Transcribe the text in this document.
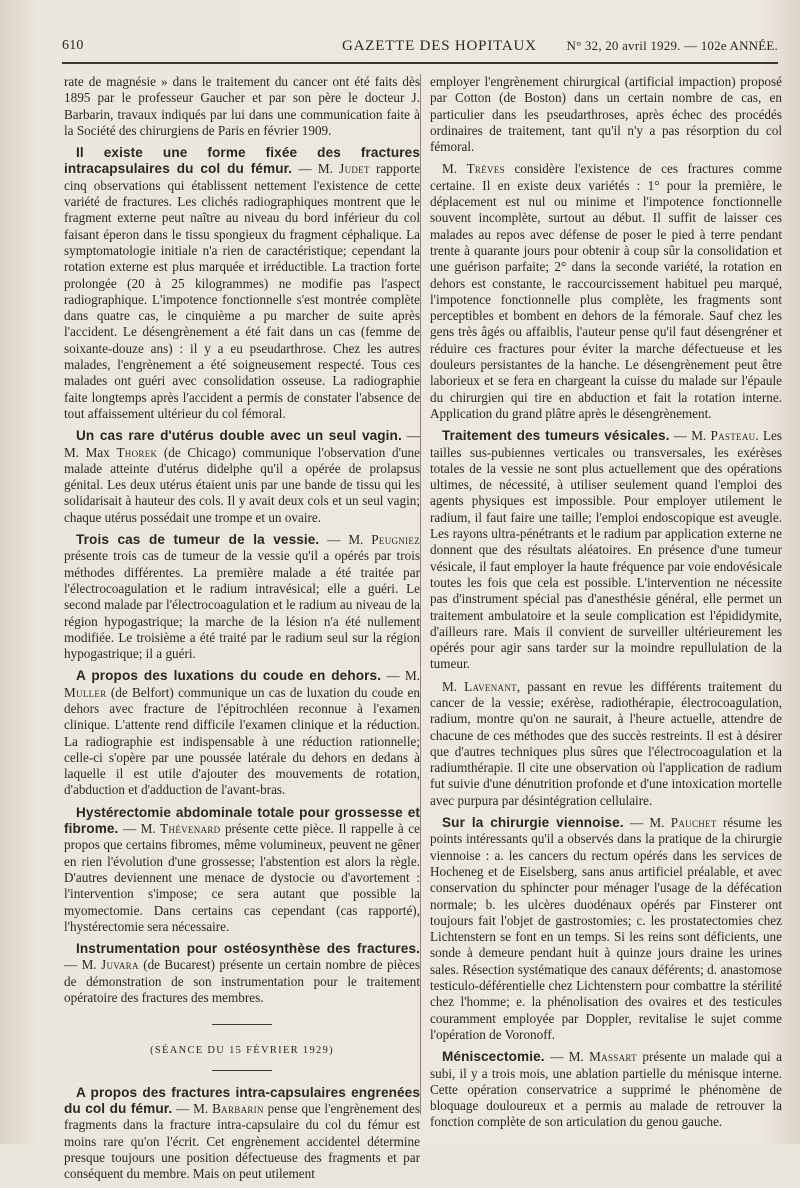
610	GAZETTE DES HOPITAUX N° 32, 20 avril 1929. — 102e ANNÉE.

rate de magnésie » dans le traitement du cancer ont été faits dès 1895 par le professeur Gaucher et par son père le docteur J. Barbarin, travaux indiqués par lui dans une communication faite à la Société des chirurgiens de Paris en février 1909.

Il existe une forme fixée des fractures intracapsulaires du col du fémur. — M. Judet rapporte cinq observations qui établissent nettement l'existence de cette variété de fractures. Les clichés radiographiques montrent que le fragment externe peut naître au niveau du bord inférieur du col faisant éperon dans le tissu spongieux du fragment céphalique. La symptomatologie initiale n'a rien de caractéristique; cependant la rotation externe est plus marquée et irréductible. La traction forte prolongée (20 à 25 kilogrammes) ne modifie pas l'aspect radiographique. L'impotence fonctionnelle s'est montrée complète dans quatre cas, le cinquième a pu marcher de suite après l'accident. Le désengrènement a été fait dans un cas (femme de soixante-douze ans) : il y a eu pseudarthrose. Chez les autres malades, l'engrènement a été soigneusement respecté. Tous ces malades ont guéri avec consolidation osseuse. La radiographie faite longtemps après l'accident a permis de constater l'absence de tout affaissement ultérieur du col fémoral.

Un cas rare d'utérus double avec un seul vagin. — M. Max Thorek (de Chicago) communique l'observation d'une malade atteinte d'utérus didelphe qu'il a opérée de prolapsus génital. Les deux utérus étaient unis par une bande de tissu qui les solidarisait à hauteur des cols. Il y avait deux cols et un seul vagin; chaque utérus possédait une trompe et un ovaire.

Trois cas de tumeur de la vessie. — M. Peugniez présente trois cas de tumeur de la vessie qu'il a opérés par trois méthodes différentes. La première malade a été traitée par l'électrocoagulation et le radium intravésical; elle a guéri. Le second malade par l'électrocoagulation et le radium au niveau de la région hypogastrique; la marche de la lésion n'a été nullement modifiée. Le troisième a été traité par le radium seul sur la région hypogastrique; il a guéri.

A propos des luxations du coude en dehors. — M. Muller (de Belfort) communique un cas de luxation du coude en dehors avec fracture de l'épitrochléen reconnue à l'examen clinique. L'attente rend difficile l'examen clinique et la réduction. La radiographie est indispensable à une réduction rationnelle; celle-ci s'opère par une poussée latérale du dehors en dedans à laquelle il est utile d'ajouter des mouvements de rotation, d'abduction et d'adduction de l'avant-bras.

Hystérectomie abdominale totale pour grossesse et fibrome. — M. Thévenard présente cette pièce. Il rappelle à ce propos que certains fibromes, même volumineux, peuvent ne gêner en rien l'évolution d'une grossesse; l'abstention est alors la règle. D'autres deviennent une menace de dystocie ou d'avortement : l'intervention s'impose; ce sera autant que possible la myomectomie. Dans certains cas cependant (cas rapporté), l'hystérectomie sera nécessaire.

Instrumentation pour ostéosynthèse des fractures. — M. Juvara (de Bucarest) présente un certain nombre de pièces de démonstration de son instrumentation pour le traitement opératoire des fractures des membres.

(SÉANCE DU 15 FÉVRIER 1929)

A propos des fractures intra-capsulaires engrenées du col du fémur. — M. Barbarin pense que l'engrènement des fragments dans la fracture intra-capsulaire du col du fémur est moins rare qu'on l'écrit. Cet engrènement accidentel détermine presque toujours une position défectueuse des fragments et par conséquent du membre. Mais on peut utilement

employer l'engrènement chirurgical (artificial impaction) proposé par Cotton (de Boston) dans un certain nombre de cas, en particulier dans les pseudarthroses, après échec des procédés ordinaires de traitement, tant qu'il n'y a pas résorption du col fémoral.

M. Trèves considère l'existence de ces fractures comme certaine. Il en existe deux variétés : 1° pour la première, le déplacement est nul ou minime et l'impotence fonctionnelle souvent incomplète, surtout au début. Il suffit de laisser ces malades au repos avec défense de poser le pied à terre pendant trente à quarante jours pour obtenir à coup sûr la consolidation et une guérison parfaite; 2° dans la seconde variété, la rotation en dehors est constante, le raccourcissement habituel peu marqué, l'impotence fonctionnelle plus complète, les fragments sont perceptibles et bombent en dehors de la fémorale. Sauf chez les gens très âgés ou affaiblis, l'auteur pense qu'il faut désengréner et réduire ces fractures pour éviter la marche défectueuse et les douleurs persistantes de la hanche. Le désengrènement peut être laborieux et se fera en chargeant la cuisse du malade sur l'épaule du chirurgien qui tire en abduction et fait la rotation interne. Application du grand plâtre après le désengrènement.

Traitement des tumeurs vésicales. — M. Pasteau. Les tailles sus-pubiennes verticales ou transversales, les exérèses totales de la vessie ne sont plus actuellement que des opérations ultimes, de nécessité, à utiliser seulement quand l'emploi des agents physiques est impossible. Pour employer utilement le radium, il faut faire une taille; l'emploi endoscopique est aveugle. Les rayons ultra-pénétrants et le radium par application externe ne donnent que des résultats aléatoires. En présence d'une tumeur vésicale, il faut employer la haute fréquence par voie endovésicale toutes les fois que cela est possible. L'intervention ne nécessite pas d'instrument spécial pas d'anesthésie général, elle permet un traitement ambulatoire et la seule complication est l'épididymite, d'ailleurs rare. Mais il convient de surveiller ultérieurement les opérés pour agir sans tarder sur la moindre repullulation de la tumeur.

M. Lavenant, passant en revue les différents traitement du cancer de la vessie; exérèse, radiothérapie, électrocoagulation, radium, montre qu'on ne saurait, à l'heure actuelle, attendre de chacune de ces méthodes que des succès restreints. Il est à désirer que d'autres techniques plus sûres que l'électrocoagulation et la radiumthérapie. Il cite une observation où l'application de radium fut suivie d'une dénutrition profonde et d'une intoxication mortelle avec purpura par désintégration cellulaire.

Sur la chirurgie viennoise. — M. Pauchet résume les points intéressants qu'il a observés dans la pratique de la chirurgie viennoise : a. les cancers du rectum opérés dans les services de Hocheneg et de Eiselsberg, sans anus artificiel préalable, et avec conservation du sphincter pour ménager l'usage de la défécation normale; b. les ulcères duodénaux opérés par Finsterer ont toujours fait l'objet de gastrostomies; c. les prostatectomies chez Lichtenstern se font en un temps. Si les reins sont déficients, une sonde à demeure pendant huit à quinze jours draine les urines sales. Résection systématique des canaux déférents; d. anastomose testiculo-déférentielle chez Lichtenstern pour combattre la stérilité chez l'homme; e. la phénolisation des ovaires et des testicules couramment employée par Doppler, revitalise le sujet comme l'opération de Voronoff.

Méniscectomie. — M. Massart présente un malade qui a subi, il y a trois mois, une ablation partielle du ménisque interne. Cette opération conservatrice a supprimé le phénomène de bloquage douloureux et a permis au malade de retrouver la fonction complète de son articulation du genou gauche.
